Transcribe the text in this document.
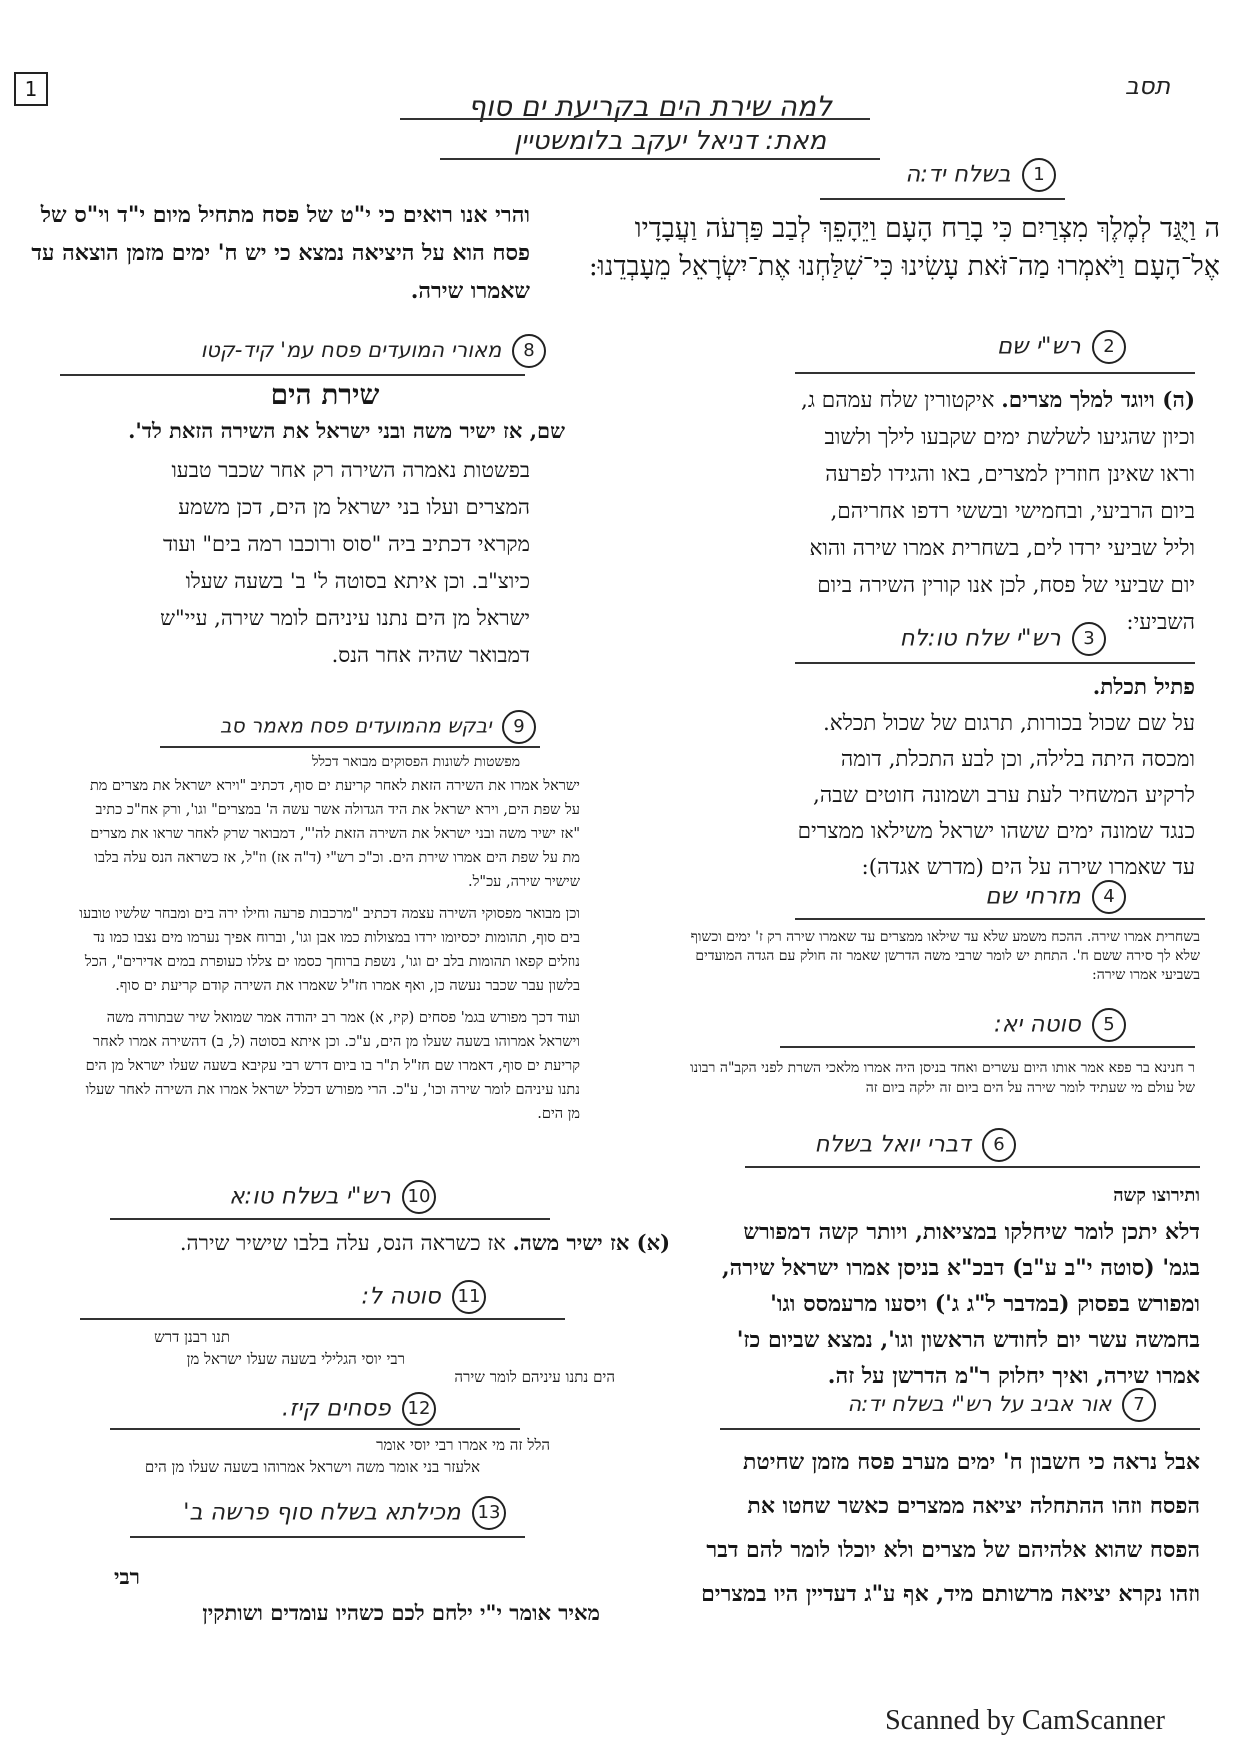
1	תסב
למה שירת הים בקריעת ים סוף
מאת: דניאל יעקב בלומשטיין
1 בשלח יד:ה
ה וַיֻּגַּד לְמֶלֶךְ מִצְרַיִם כִּי בָרַח הָעָם וַיֵּהָפֵךְ לְבַב פַּרְעֹה וַעֲבָדָיו אֶל־הָעָם וַיֹּאמְרוּ מַה־זֹּאת עָשִׂינוּ כִּי־שִׁלַּחְנוּ אֶת־יִשְׂרָאֵל מֵעָבְדֵנוּ:
2 רש"י שם
(ה) ויוגד למלך מצרים. איקטורין שלח עמהם ג, וכיון שהגיעו לשלשת ימים שקבעו לילך ולשוב וראו שאינן חוזרין למצרים, באו והגידו לפרעה ביום הרביעי, ובחמישי ובששי רדפו אחריהם, וליל שביעי ירדו לים, בשחרית אמרו שירה והוא יום שביעי של פסח, לכן אנו קורין השירה ביום השביעי:
3 רש"י שלח טו:לח

פתיל תכלת.

על שם שכול בכורות, תרגום של שכול תכלא. ומכסה היתה בלילה, וכן לבע התכלת, דומה לרקיע המשחיר לעת ערב ושמונה חוטים שבה, כנגד שמונה ימים ששהו ישראל משילאו ממצרים עד שאמרו שירה על הים (מדרש אגדה):

4 מזרחי שם
בשחרית אמרו שירה. ההכח משמע שלא עד שילאו ממצרים עד שאמרו שירה רק ז' ימים וכשוף שלא לך סירה ששם ח'. התחת יש לומר שרבי משה הדרשן שאמר זה חולק עם הגדה המועדים בשביעי אמרו שירה:
5 סוטה יא:
ר חנינא בר פפא אמר אותו היום עשרים ואחד בניסן היה אמרו מלאכי השרת לפני הקב"ה רבונו של עולם מי שעתיד לומר שירה על הים ביום זה ילקה ביום זה
6 דברי יואל בשלח

ותירוצו קשה

דלא יתכן לומר שיחלקו במציאות, ויותר קשה דמפורש בגמ' (סוטה י"ב ע"ב) דבכ"א בניסן אמרו ישראל שירה, ומפורש בפסוק (במדבר ל"ג ג') ויסעו מרעמסס וגו' בחמשה עשר יום לחודש הראשון וגו', נמצא שביום כז' אמרו שירה, ואיך יחלוק ר"מ הדרשן על זה.

7 אור אביב על רש"י בשלח יד:ה
אבל נראה כי חשבון ח' ימים מערב פסח מזמן שחיטת הפסח וזהו ההתחלה יציאה ממצרים כאשר שחטו את הפסח שהוא אלהיהם של מצרים ולא יוכלו לומר להם דבר וזהו נקרא יציאה מרשותם מיד, אף ע"ג דעדיין היו במצרים
והרי אנו רואים כי י"ט של פסח מתחיל מיום י"ד וי"ס של פסח הוא על היציאה נמצא כי יש ח' ימים מזמן הוצאה עד שאמרו שירה.
8 מאורי המועדים פסח עמ' קיד-קטו
שירת הים
שם, אז ישיר משה ובני ישראל את השירה הזאת לד'.
בפשטות נאמרה השירה רק אחר שכבר טבעו המצרים ועלו בני ישראל מן הים, דכן משמע מקראי דכתיב ביה "סוס ורוכבו רמה בים" ועוד כיוצ"ב. וכן איתא בסוטה ל' ב' בשעה שעלו ישראל מן הים נתנו עיניהם לומר שירה, עיי"ש דמבואר שהיה אחר הנס.
9 יבקש מהמועדים פסח מאמר סב
מפשטות לשונות הפסוקים מבואר דכלל

ישראל אמרו את השירה הזאת לאחר קריעת ים סוף, דכתיב "וירא ישראל את מצרים מת על שפת הים, וירא ישראל את היד הגדולה אשר עשה ה' במצרים" וגו', ורק אח"כ כתיב "אז ישיר משה ובני ישראל את השירה הזאת לה'", דמבואר שרק לאחר שראו את מצרים מת על שפת הים אמרו שירת הים. וכ"כ רש"י (ד"ה אז) וז"ל, אז כשראה הנס עלה בלבו שישיר שירה, עכ"ל.

וכן מבואר מפסוקי השירה עצמה דכתיב "מרכבות פרעה וחילו ירה בים ומבחר שלשיו טובעו בים סוף, תהומות יכסיומו ירדו במצולות כמו אבן וגו', וברוח אפיך נערמו מים נצבו כמו נד נוזלים קפאו תהומות בלב ים וגו', נשפת ברוחך כסמו ים צללו כעופרת במים אדירים", הכל בלשון עבר שכבר נעשה כן, ואף אמרו חז"ל שאמרו את השירה קודם קריעת ים סוף.

ועוד דכך מפורש בגמ' פסחים (קיז, א) אמר רב יהודה אמר שמואל שיר שבתורה משה וישראל אמרוהו בשעה שעלו מן הים, ע"כ. וכן איתא בסוטה (ל, ב) דהשירה אמרו לאחר קריעת ים סוף, דאמרו שם חז"ל ת"ר בו ביום דרש רבי עקיבא בשעה שעלו ישראל מן הים נתנו עיניהם לומר שירה וכו', ע"כ. הרי מפורש דכלל ישראל אמרו את השירה לאחר שעלו מן הים.

10 רש"י בשלח טו:א
(א) אז ישיר משה. אז כשראה הנס, עלה בלבו שישיר שירה.
11 סוטה ל:
תנו רבנן דרש
רבי יוסי הגלילי בשעה שעלו ישראל מן
הים נתנו עיניהם לומר שירה
12 פסחים קיז.
הלל זה מי אמרו רבי יוסי אומר
אלעזר בני אומר משה וישראל אמרוהו בשעה שעלו מן הים
13 מכילתא בשלח סוף פרשה ב'
רבי
מאיר אומר י"י ילחם לכם כשהיו עומדים ושותקין
Scanned by CamScanner
